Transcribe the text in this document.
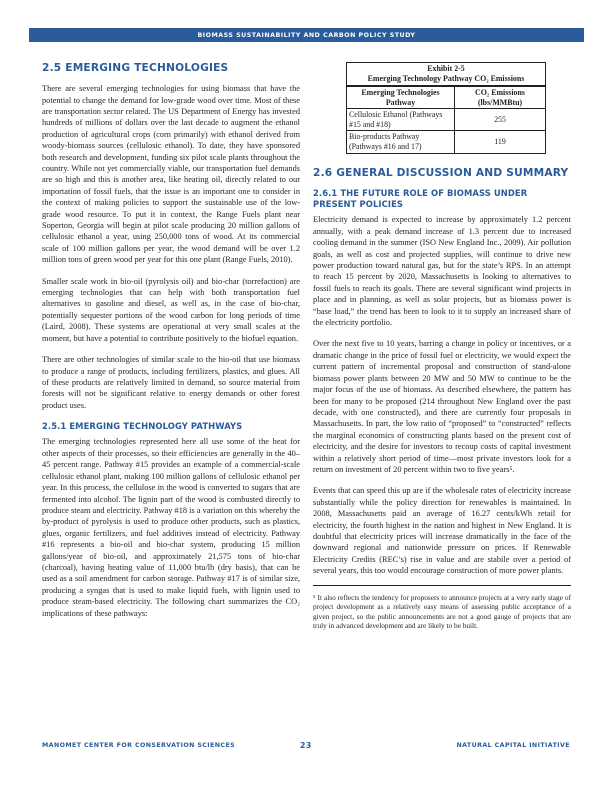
BIOMASS SUSTAINABILITY AND CARBON POLICY STUDY
2.5 EMERGING TECHNOLOGIES

There are several emerging technologies for using biomass that have the potential to change the demand for low-grade wood over time. Most of these are transportation sector related. The US Department of Energy has invested hundreds of millions of dollars over the last decade to augment the ethanol production of agricultural crops (corn primarily) with ethanol derived from woody-biomass sources (cellulosic ethanol). To date, they have sponsored both research and development, funding six pilot scale plants throughout the country. While not yet commercially viable, our transportation fuel demands are so high and this is another area, like heating oil, directly related to our importation of fossil fuels, that the issue is an important one to consider in the context of making policies to support the sustainable use of the low-grade wood resource. To put it in context, the Range Fuels plant near Soperton, Georgia will begin at pilot scale producing 20 million gallons of cellulosic ethanol a year, using 250,000 tons of wood. At its commercial scale of 100 million gallons per year, the wood demand will be over 1.2 million tons of green wood per year for this one plant (Range Fuels, 2010).

Smaller scale work in bio-oil (pyrolysis oil) and bio-char (torrefaction) are emerging technologies that can help with both transportation fuel alternatives to gasoline and diesel, as well as, in the case of bio-char, potentially sequester portions of the wood carbon for long periods of time (Laird, 2008). These systems are operational at very small scales at the moment, but have a potential to contribute positively to the biofuel equation.

There are other technologies of similar scale to the bio-oil that use biomass to produce a range of products, including fertilizers, plastics, and glues. All of these products are relatively limited in demand, so source material from forests will not be significant relative to energy demands or other forest product uses.

2.5.1 EMERGING TECHNOLOGY PATHWAYS

The emerging technologies represented here all use some of the heat for other aspects of their processes, so their efficiencies are generally in the 40–45 percent range. Pathway #15 provides an example of a commercial-scale cellulosic ethanol plant, making 100 million gallons of cellulosic ethanol per year. In this process, the cellulose in the wood is converted to sugars that are fermented into alcohol. The lignin part of the wood is combusted directly to produce steam and electricity. Pathway #18 is a variation on this whereby the by-product of pyrolysis is used to produce other products, such as plastics, glues, organic fertilizers, and fuel additives instead of electricity. Pathway #16 represents a bio-oil and bio-char system, producing 15 million gallons/year of bio-oil, and approximately 21,575 tons of bio-char (charcoal), having heating value of 11,000 btu/lb (dry basis), that can be used as a soil amendment for carbon storage. Pathway #17 is of similar size, producing a syngas that is used to make liquid fuels, with lignin used to produce steam-based electricity. The following chart summarizes the CO₂ implications of these pathways:

Exhibit 2-5
Emerging Technology Pathway CO₂ Emissions
Emerging Technologies Pathway
CO₂ Emissions (lbs/MMBtu)
Cellulosic Ethanol (Pathways #15 and #18)
255
Bio-products Pathway (Pathways #16 and 17)
119
2.6 GENERAL DISCUSSION AND SUMMARY
2.6.1 THE FUTURE ROLE OF BIOMASS UNDER PRESENT POLICIES

Electricity demand is expected to increase by approximately 1.2 percent annually, with a peak demand increase of 1.3 percent due to increased cooling demand in the summer (ISO New England Inc., 2009). Air pollution goals, as well as cost and projected supplies, will continue to drive new power production toward natural gas, but for the state’s RPS. In an attempt to reach 15 percent by 2020, Massachusetts is looking to alternatives to fossil fuels to reach its goals. There are several significant wind projects in place and in planning, as well as solar projects, but as biomass power is “base load,” the trend has been to look to it to supply an increased share of the electricity portfolio.

Over the next five to 10 years, barring a change in policy or incentives, or a dramatic change in the price of fossil fuel or electricity, we would expect the current pattern of incremental proposal and construction of stand-alone biomass power plants between 20 MW and 50 MW to continue to be the major focus of the use of biomass. As described elsewhere, the pattern has been for many to be proposed (214 throughout New England over the past decade, with one constructed), and there are currently four proposals in Massachusetts. In part, the low ratio of “proposed” to “constructed” reflects the marginal economics of constructing plants based on the present cost of electricity, and the desire for investors to recoup costs of capital investment within a relatively short period of time—most private investors look for a return on investment of 20 percent within two to five years⁵.

Events that can speed this up are if the wholesale rates of electricity increase substantially while the policy direction for renewables is maintained. In 2008, Massachusetts paid an average of 16.27 cents/kWh retail for electricity, the fourth highest in the nation and highest in New England. It is doubtful that electricity prices will increase dramatically in the face of the downward regional and nationwide pressure on prices. If Renewable Electricity Credits (REC’s) rise in value and are stabile over a period of several years, this too would encourage construction of more power plants.

⁵ It also reflects the tendency for proposers to announce projects at a very early stage of project development as a relatively easy means of assessing public acceptance of a given project, so the public announcements are not a good gauge of projects that are truly in advanced development and are likely to be built.

MANOMET CENTER FOR CONSERVATION SCIENCES	23	NATURAL CAPITAL INITIATIVE
